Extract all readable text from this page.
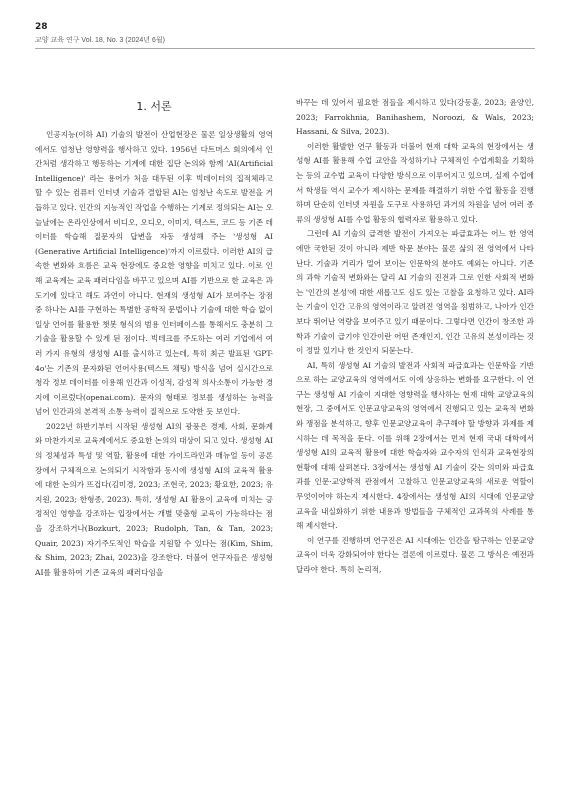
28
교양 교육 연구 Vol. 18, No. 3 (2024년 6월)
1. 서론

인공지능(이하 AI) 기술의 발전이 산업현장은 물론 일상생활의 영역에서도 엄청난 영향력을 행사하고 있다. 1956년 다트머스 회의에서 인간처럼 생각하고 행동하는 기계에 대한 집단 논의와 함께 'AI(Artificial Intelligence)' 라는 용어가 처음 대두된 이후 빅데이터의 집적체라고 할 수 있는 컴퓨터 인터넷 기술과 결합된 AI는 엄청난 속도로 발전을 거듭하고 있다. 인간의 지능적인 작업을 수행하는 기계로 정의되는 AI는 오늘날에는 온라인상에서 비디오, 오디오, 이미지, 텍스트, 코드 등 기존 데이터를 학습해 질문자의 답변을 자동 생성해 주는 '생성형 AI (Generative Artificial Intelligence)'까지 이르렀다. 이러한 AI의 급속한 변화와 흐름은 교육 현장에도 중요한 영향을 미치고 있다. 이로 인해 교육계는 교육 패러다임을 바꾸고 있으며 AI를 기반으로 한 교육은 과도기에 있다고 해도 과언이 아니다. 현재의 생성형 AI가 보여주는 장점 중 하나는 AI를 구현하는 특별한 공학적 문법이나 기술에 대한 학습 없이 일상 언어를 활용한 챗봇 형식의 범용 인터페이스를 통해서도 충분히 그 기술을 활용할 수 있게 된 점이다. 빅테크를 주도하는 여러 기업에서 여러 가지 유형의 생성형 AI를 출시하고 있는데, 특히 최근 발표된 'GPT-4o'는 기존의 문자화된 언어사용(텍스트 채팅) 방식을 넘어 실시간으로 청각 정보 데이터를 이용해 인간과 이성적, 감성적 의사소통이 가능한 경지에 이르렀다(openai.com). 문자의 형태로 정보를 생성하는 능력을 넘어 인간과의 본격적 소통 능력이 질적으로 도약한 듯 보인다.

2022년 하반기부터 시작된 생성형 AI의 광풍은 경제, 사회, 문화계와 마찬가지로 교육계에서도 중요한 논의의 대상이 되고 있다. 생성형 AI의 정체성과 특성 및 역할, 활용에 대한 가이드라인과 매뉴얼 등이 공론장에서 구체적으로 논의되기 시작함과 동시에 생성형 AI의 교육적 활용에 대한 논의가 뜨겁다(김미경, 2023; 조현국, 2023; 황요한, 2023; 유지원, 2023; 한형종, 2023). 특히, 생성형 AI 활용이 교육에 미치는 긍정적인 영향을 강조하는 입장에서는 개별 맞춤형 교육이 가능하다는 점을 강조하거나(Bozkurt, 2023; Rudolph, Tan, & Tan, 2023; Quair, 2023) 자기주도적인 학습을 지원할 수 있다는 점(Kim, Shim, & Shim, 2023; Zhai, 2023)을 강조한다. 더불어 연구자들은 생성형 AI를 활용하여 기존 교육의 패러다임을

바꾸는 데 있어서 필요한 점들을 제시하고 있다(강동훈, 2023; 윤양인, 2023; Farrokhnia, Banihashem, Noroozi, & Wals, 2023; Hassani, & Silva, 2023).

이러한 활발한 연구 활동과 더불어 현재 대학 교육의 현장에서는 생성형 AI를 활용해 수업 교안을 작성하기나 구체적인 수업계획을 기획하는 등의 교수법 교육이 다양한 방식으로 이루어지고 있으며, 실제 수업에서 학생들 역시 교수가 제시하는 문제를 해결하기 위한 수업 활동을 진행하며 단순히 인터넷 자원을 도구로 사용하던 과거의 차원을 넘어 여러 종류의 생성형 AI를 수업 활동의 협력자로 활용하고 있다.

그런데 AI 기술의 급격한 발전이 가져오는 파급효과는 어느 한 영역에만 국한된 것이 아니라 제반 학문 분야는 물론 삶의 전 영역에서 나타난다. 기술과 거리가 멀어 보이는 인문학의 분야도 예외는 아니다. 기존의 과학 기술적 변화와는 달리 AI 기술의 진전과 그로 인한 사회적 변화는 '인간의 본성'에 대한 새롭고도 심도 있는 고찰을 요청하고 있다. AI라는 기술이 인간 고유의 영역이라고 알려진 영역을 침범하고, 나아가 인간보다 뛰어난 역량을 보여주고 있기 때문이다. 그렇다면 인간이 창조한 과학과 기술이 급기야 인간이란 어떤 존재인지, 인간 고유의 본성이라는 것이 정말 있기나 한 것인지 되묻는다.

AI, 특히 생성형 AI 기술의 발전과 사회적 파급효과는 인문학을 기반으로 하는 교양교육의 영역에서도 이에 상응하는 변화를 요구한다. 이 연구는 생성형 AI 기술이 지대한 영향력을 행사하는 현재 대학 교양교육의 현장, 그 중에서도 인문교양교육의 영역에서 진행되고 있는 교육적 변화와 쟁점을 분석하고, 향후 인문교양교육이 추구해야 할 방향과 과제를 제시하는 데 목적을 둔다. 이를 위해 2장에서는 먼저 현재 국내 대학에서 생성형 AI의 교육적 활용에 대한 학습자와 교수자의 인식과 교육현장의 현황에 대해 살펴본다. 3장에서는 생성형 AI 기술이 갖는 의미와 파급효과를 인문·교양학적 관점에서 고찰하고 인문교양교육의 새로운 역할이 무엇이어야 하는지 제시한다. 4장에서는 생성형 AI의 시대에 인문교양교육을 내실화하기 위한 내용과 방법들을 구체적인 교과목의 사례를 통해 제시한다.

이 연구를 진행하며 연구진은 AI 시대에는 인간을 탐구하는 인문교양교육이 더욱 강화되어야 한다는 결론에 이르렀다. 물론 그 방식은 예전과 달라야 한다. 특히 논리적,
